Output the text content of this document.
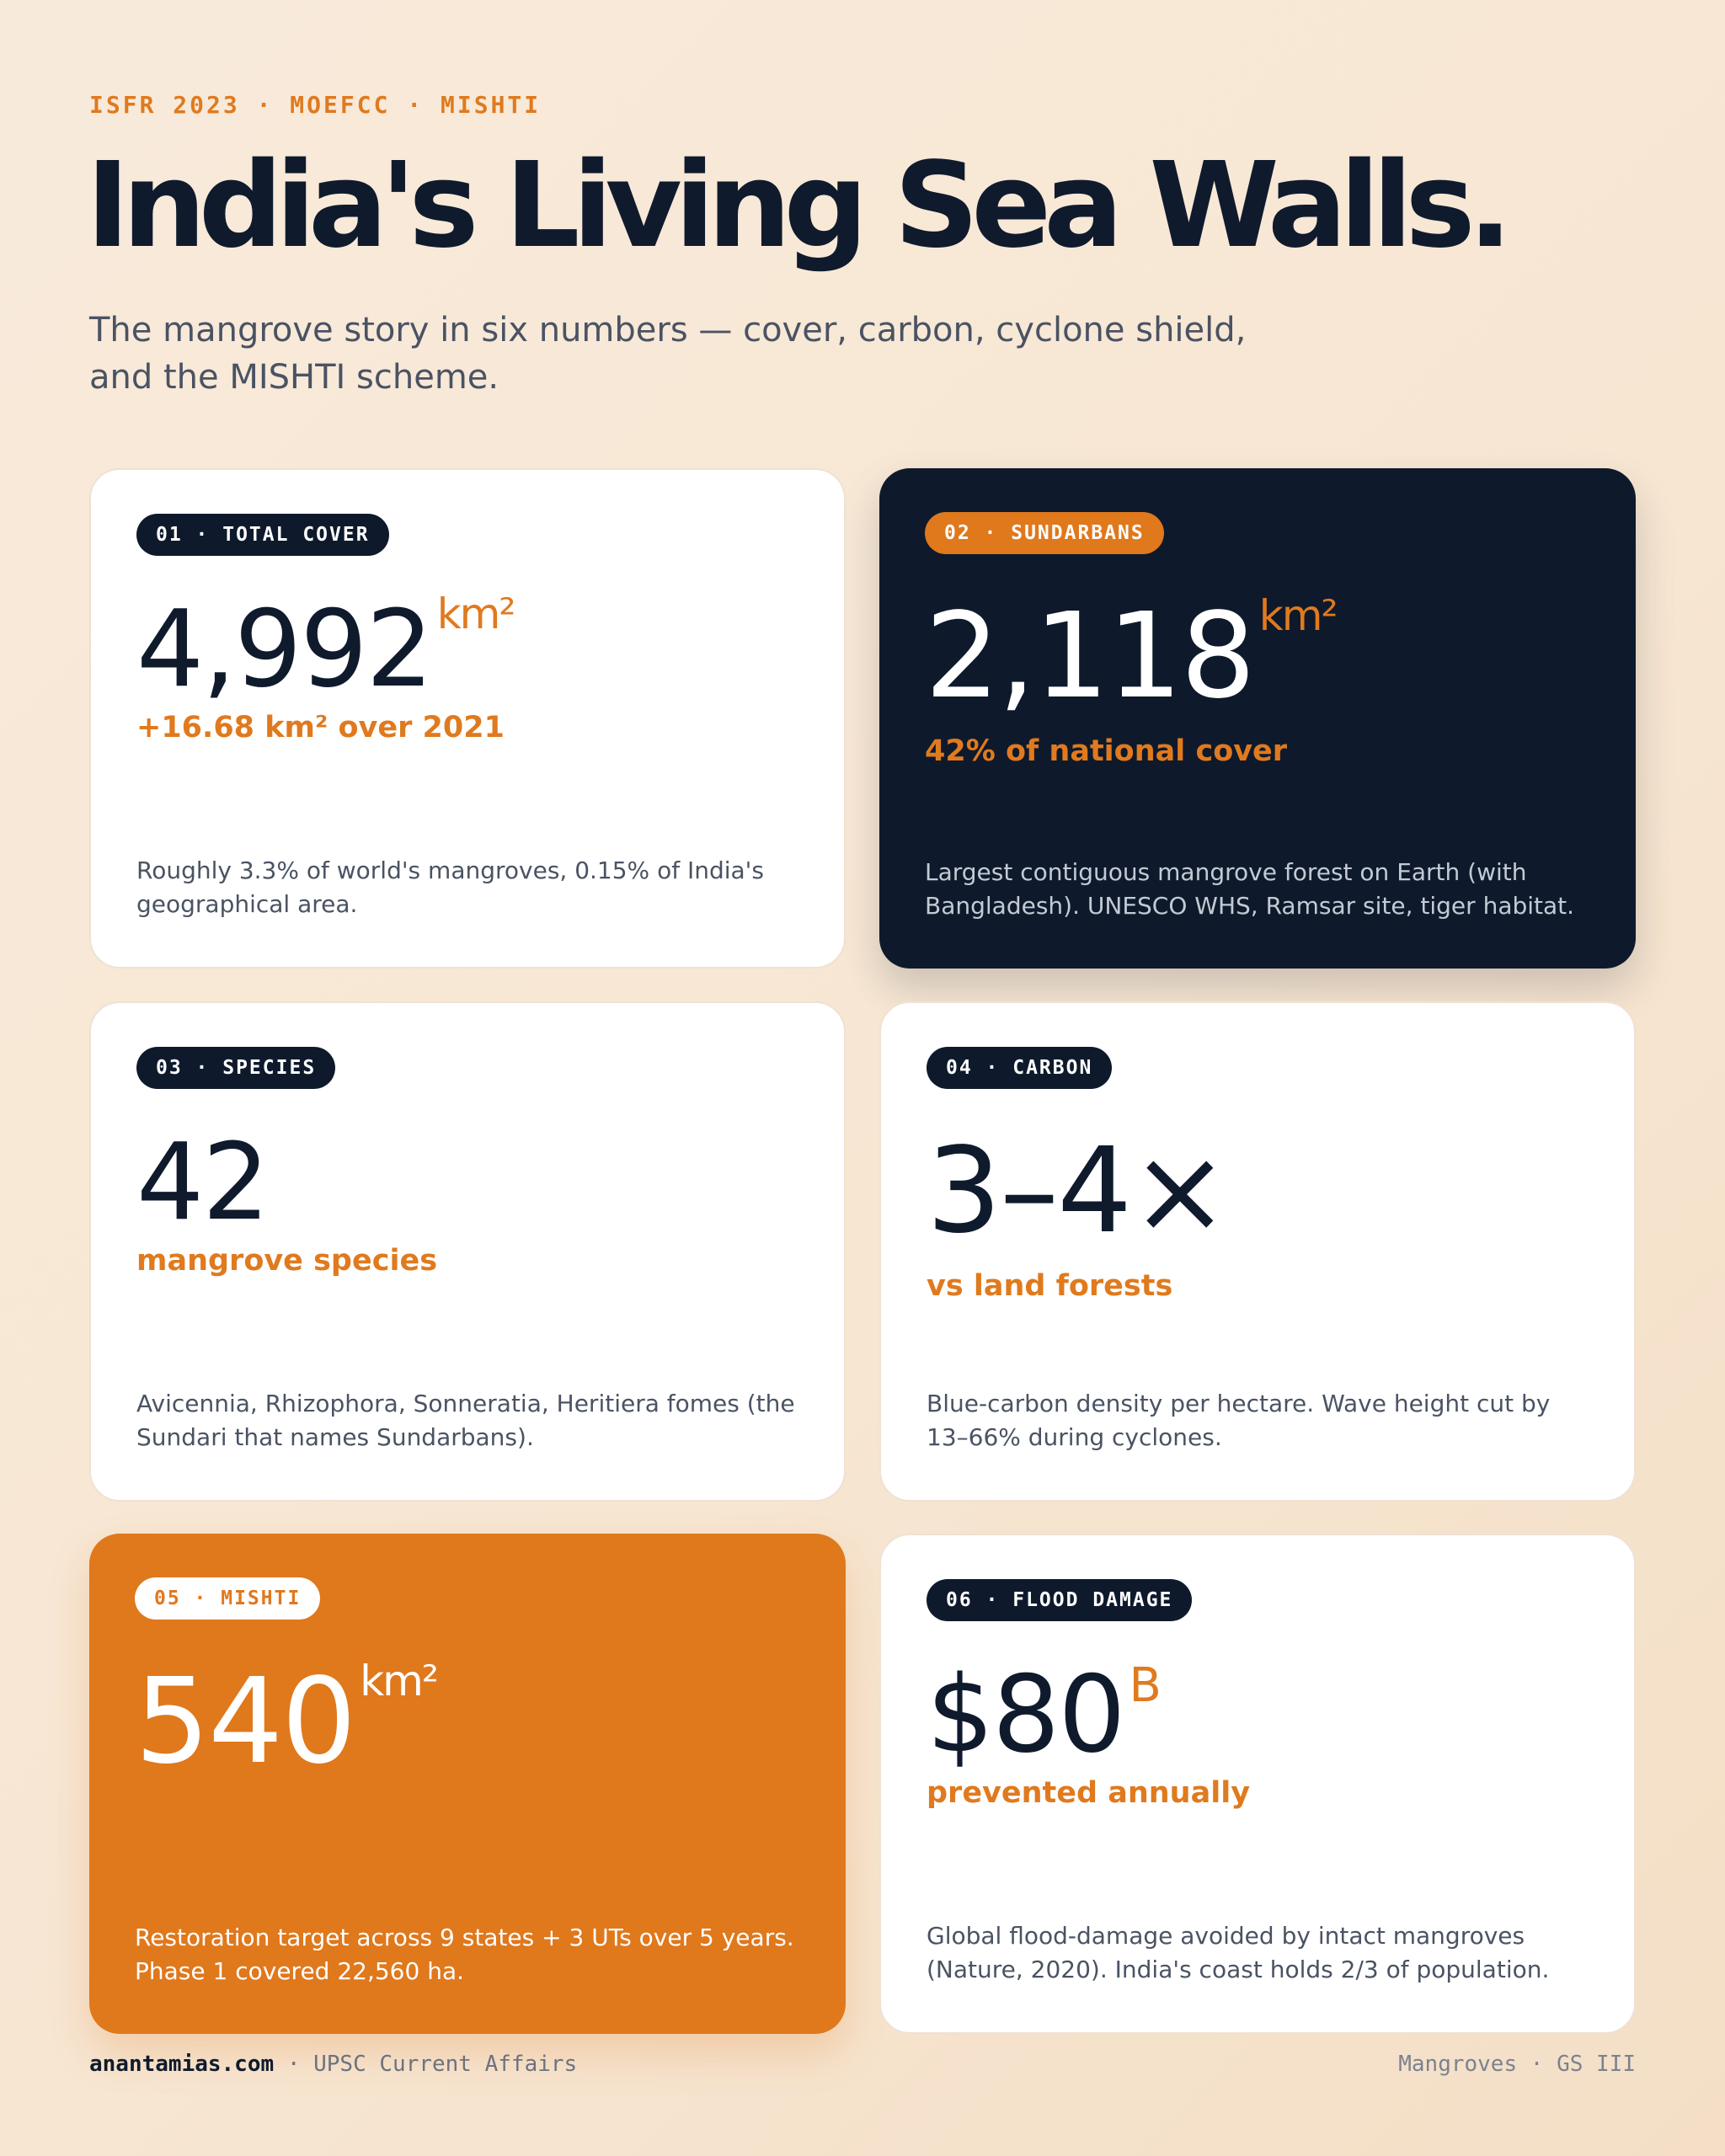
ISFR 2023 · MOEFCC · MISHTI
India's Living Sea Walls.
The mangrove story in six numbers — cover, carbon, cyclone shield, and the MISHTI scheme.
01 · TOTAL COVER
4,992 km²
+16.68 km² over 2021
Roughly 3.3% of world's mangroves, 0.15% of India's geographical area.
02 · SUNDARBANS
2,118 km²
42% of national cover
Largest contiguous mangrove forest on Earth (with Bangladesh). UNESCO WHS, Ramsar site, tiger habitat.
03 · SPECIES
42
mangrove species
Avicennia, Rhizophora, Sonneratia, Heritiera fomes (the Sundari that names Sundarbans).
04 · CARBON
3–4×
vs land forests
Blue-carbon density per hectare. Wave height cut by 13–66% during cyclones.
05 · MISHTI
540 km²
Restoration target across 9 states + 3 UTs over 5 years. Phase 1 covered 22,560 ha.
06 · FLOOD DAMAGE
$80 B
prevented annually
Global flood-damage avoided by intact mangroves (Nature, 2020). India's coast holds 2/3 of population.
anantamias.com · UPSC Current Affairs	Mangroves · GS III
